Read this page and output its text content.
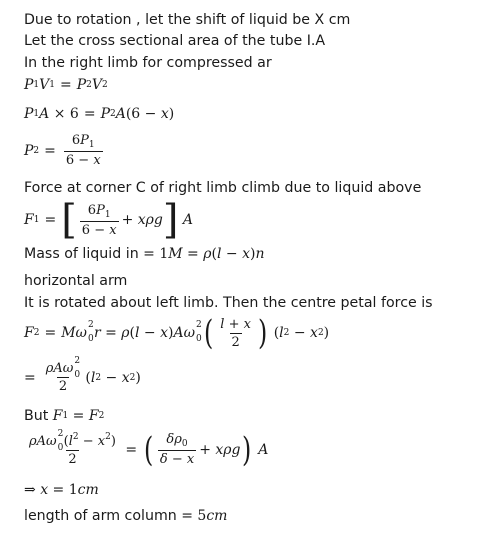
Due to rotation , let the shift of liquid be X cm
Let the cross sectional area of the tube I.A
In the right limb for compressed ar
P 1 V 1 = P 2 V 2
P 1 A × 6 = P 2 A (6 − x )
P $2 = \frac{6P_1}{6 - x}$
Force at corner C of right limb climb due to liquid above
F 1 = [ $\frac{6P_1}{6 - x} + x\rho g$ ]
A
Mass of liquid in = 1 M = ρ ( l − x ) n
horizontal arm
It is rotated about left limb. Then the centre petal force is
F 2 = Mω 2
0 r = ρ ( l − x ) Aω 2
0 ( $\frac{l + x}{2}$ ) ( l 2 − x 2 )
= ρAω 2
0
2 ( l 2 − x 2 )
But
F 1 = F 2
ρAω 2
0 $(l^2 - x^2)$
2 = ( $\frac{\delta\rho_0}{\delta - x} + x\rho g$ )
A
⇒ x = 1 cm
length of arm column = 5 cm
